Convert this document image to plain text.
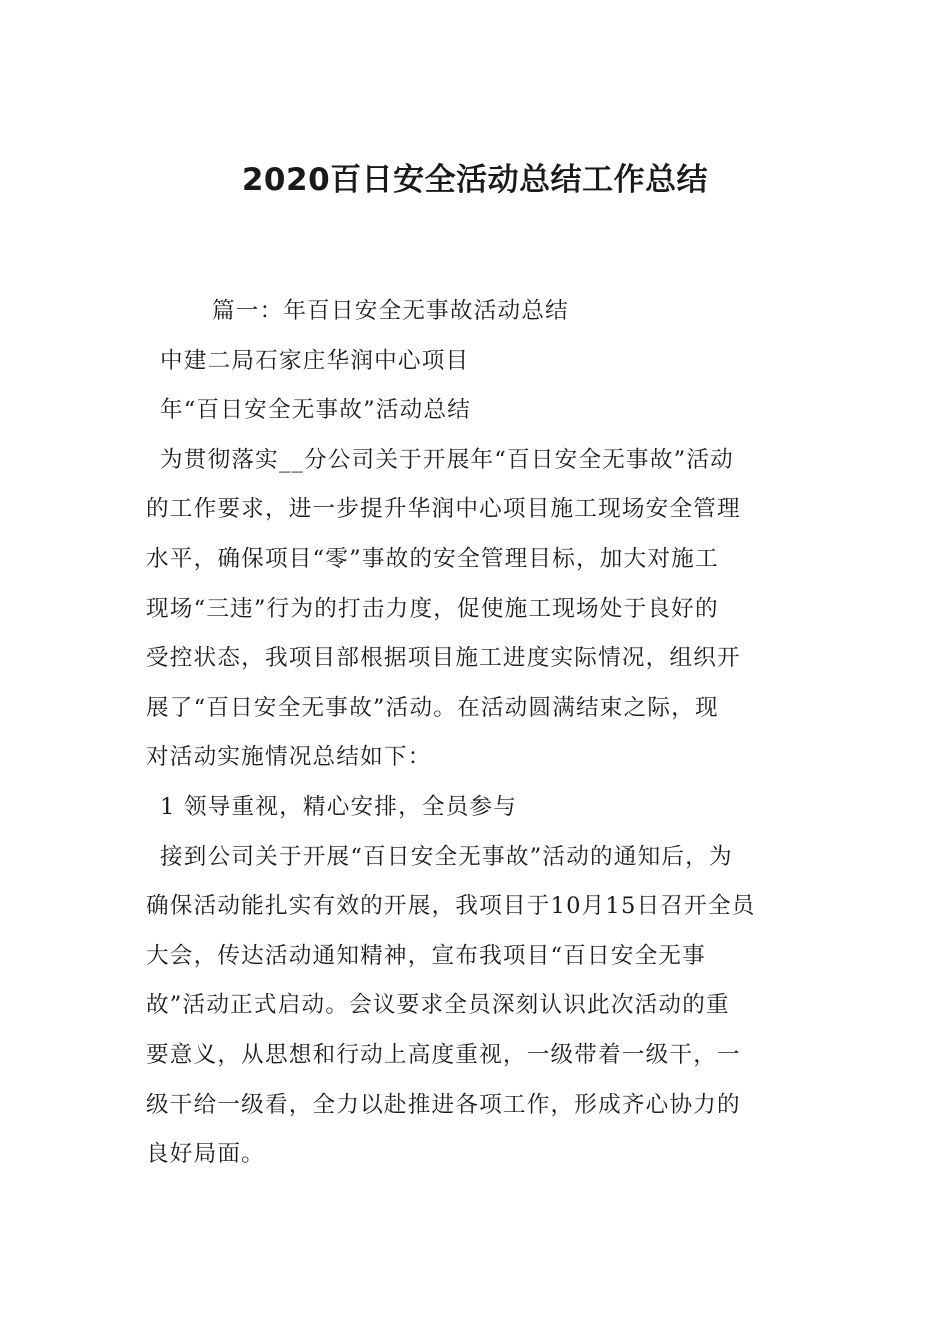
2020百日安全活动总结工作总结
篇一：年百日安全无事故活动总结
中建二局石家庄华润中心项目
年“百日安全无事故”活动总结
为贯彻落实__分公司关于开展年“百日安全无事故”活动
的工作要求，进一步提升华润中心项目施工现场安全管理
水平，确保项目“零”事故的安全管理目标，加大对施工
现场“三违”行为的打击力度，促使施工现场处于良好的
受控状态，我项目部根据项目施工进度实际情况，组织开
展了“百日安全无事故”活动。在活动圆满结束之际，现
对活动实施情况总结如下：
1 领导重视，精心安排，全员参与
接到公司关于开展“百日安全无事故”活动的通知后，为
确保活动能扎实有效的开展，我项目于10月15日召开全员
大会，传达活动通知精神，宣布我项目“百日安全无事
故”活动正式启动。会议要求全员深刻认识此次活动的重
要意义，从思想和行动上高度重视，一级带着一级干，一
级干给一级看，全力以赴推进各项工作，形成齐心协力的
良好局面。
